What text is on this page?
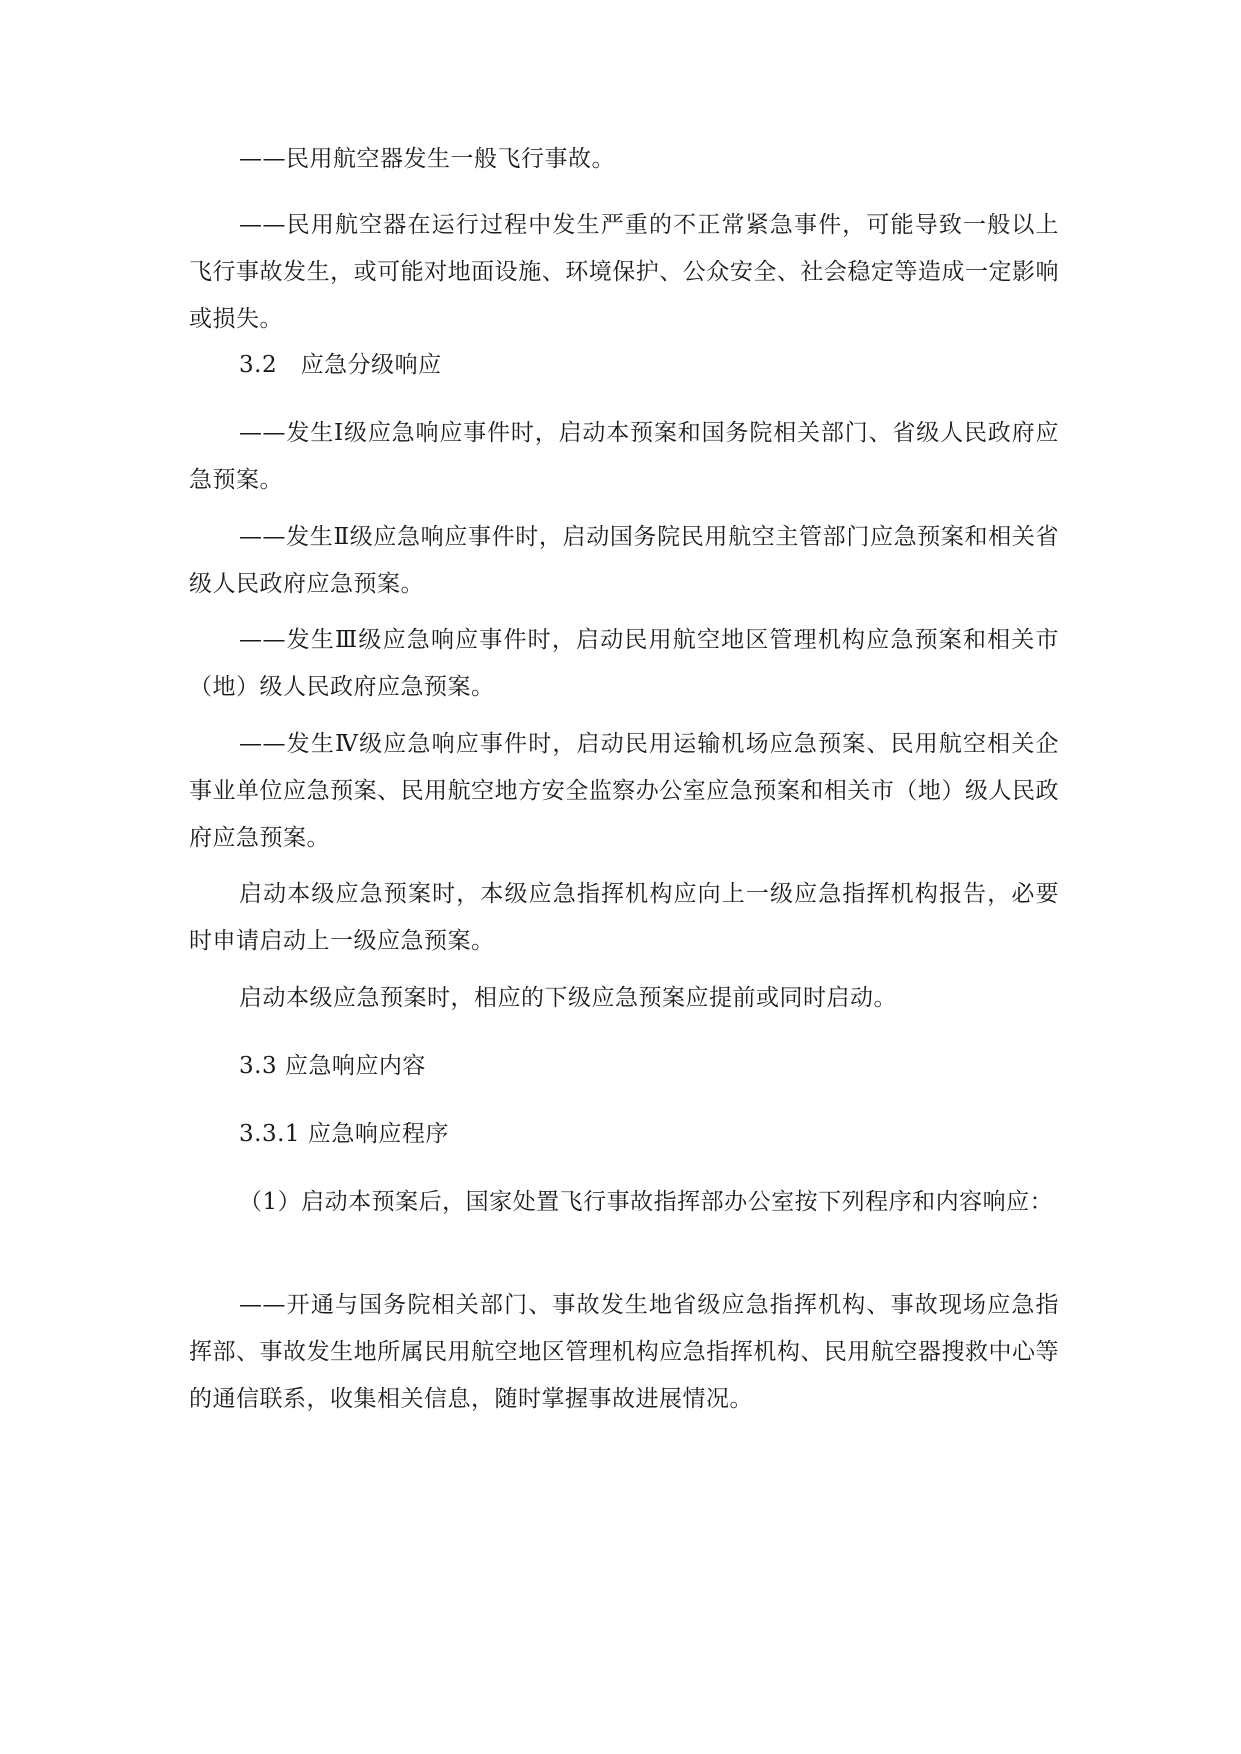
——民用航空器发生一般飞行事故。

——民用航空器在运行过程中发生严重的不正常紧急事件，可能导致一般以上飞行事故发生，或可能对地面设施、环境保护、公众安全、社会稳定等造成一定影响或损失。

3.2　应急分级响应

——发生Ⅰ级应急响应事件时，启动本预案和国务院相关部门、省级人民政府应急预案。

——发生Ⅱ级应急响应事件时，启动国务院民用航空主管部门应急预案和相关省级人民政府应急预案。

——发生Ⅲ级应急响应事件时，启动民用航空地区管理机构应急预案和相关市（地）级人民政府应急预案。

——发生Ⅳ级应急响应事件时，启动民用运输机场应急预案、民用航空相关企事业单位应急预案、民用航空地方安全监察办公室应急预案和相关市（地）级人民政府应急预案。

启动本级应急预案时，本级应急指挥机构应向上一级应急指挥机构报告，必要时申请启动上一级应急预案。

启动本级应急预案时，相应的下级应急预案应提前或同时启动。

3.3 应急响应内容

3.3.1 应急响应程序

（1）启动本预案后，国家处置飞行事故指挥部办公室按下列程序和内容响应：

——开通与国务院相关部门、事故发生地省级应急指挥机构、事故现场应急指挥部、事故发生地所属民用航空地区管理机构应急指挥机构、民用航空器搜救中心等的通信联系，收集相关信息，随时掌握事故进展情况。
